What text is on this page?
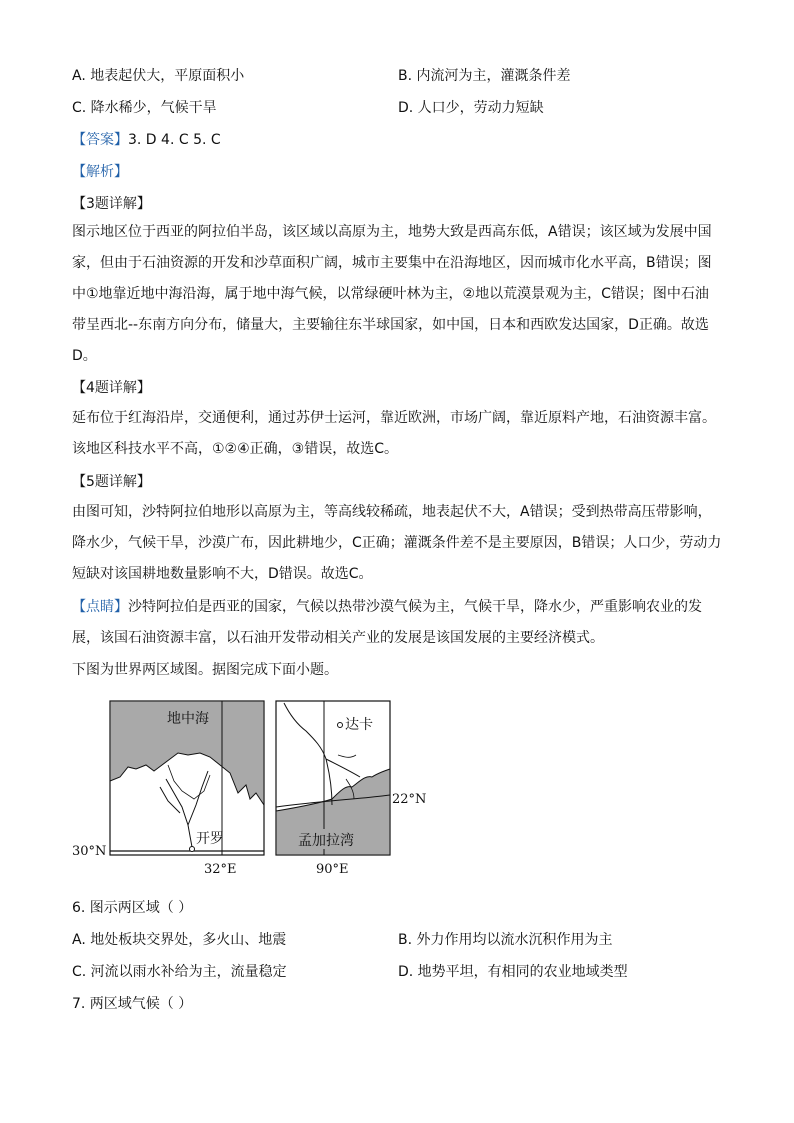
A. 地表起伏大，平原面积小	B. 内流河为主，灌溉条件差
C. 降水稀少，气候干旱	D. 人口少，劳动力短缺
【答案】3. D 4. C 5. C
【解析】
【3题详解】
图示地区位于西亚的阿拉伯半岛，该区域以高原为主，地势大致是西高东低，A错误；该区域为发展中国家，但由于石油资源的开发和沙草面积广阔，城市主要集中在沿海地区，因而城市化水平高，B错误；图中①地靠近地中海沿海，属于地中海气候，以常绿硬叶林为主，②地以荒漠景观为主，C错误；图中石油带呈西北--东南方向分布，储量大，主要输往东半球国家，如中国，日本和西欧发达国家，D正确。故选D。
【4题详解】
延布位于红海沿岸，交通便利，通过苏伊士运河，靠近欧洲，市场广阔，靠近原料产地，石油资源丰富。该地区科技水平不高，①②④正确，③错误，故选C。
【5题详解】
由图可知，沙特阿拉伯地形以高原为主，等高线较稀疏，地表起伏不大，A错误；受到热带高压带影响，降水少，气候干旱，沙漠广布，因此耕地少，C正确；灌溉条件差不是主要原因，B错误；人口少，劳动力短缺对该国耕地数量影响不大，D错误。故选C。
【点睛】沙特阿拉伯是西亚的国家，气候以热带沙漠气候为主，气候干旱，降水少，严重影响农业的发展，该国石油资源丰富，以石油开发带动相关产业的发展是该国发展的主要经济模式。
下图为世界两区域图。据图完成下面小题。
地中海
开罗
30°N
32°E
达卡
孟加拉湾
22°N
90°E
6. 图示两区域（ ）
A. 地处板块交界处，多火山、地震	B. 外力作用均以流水沉积作用为主
C. 河流以雨水补给为主，流量稳定	D. 地势平坦，有相同的农业地域类型
7. 两区域气候（ ）
